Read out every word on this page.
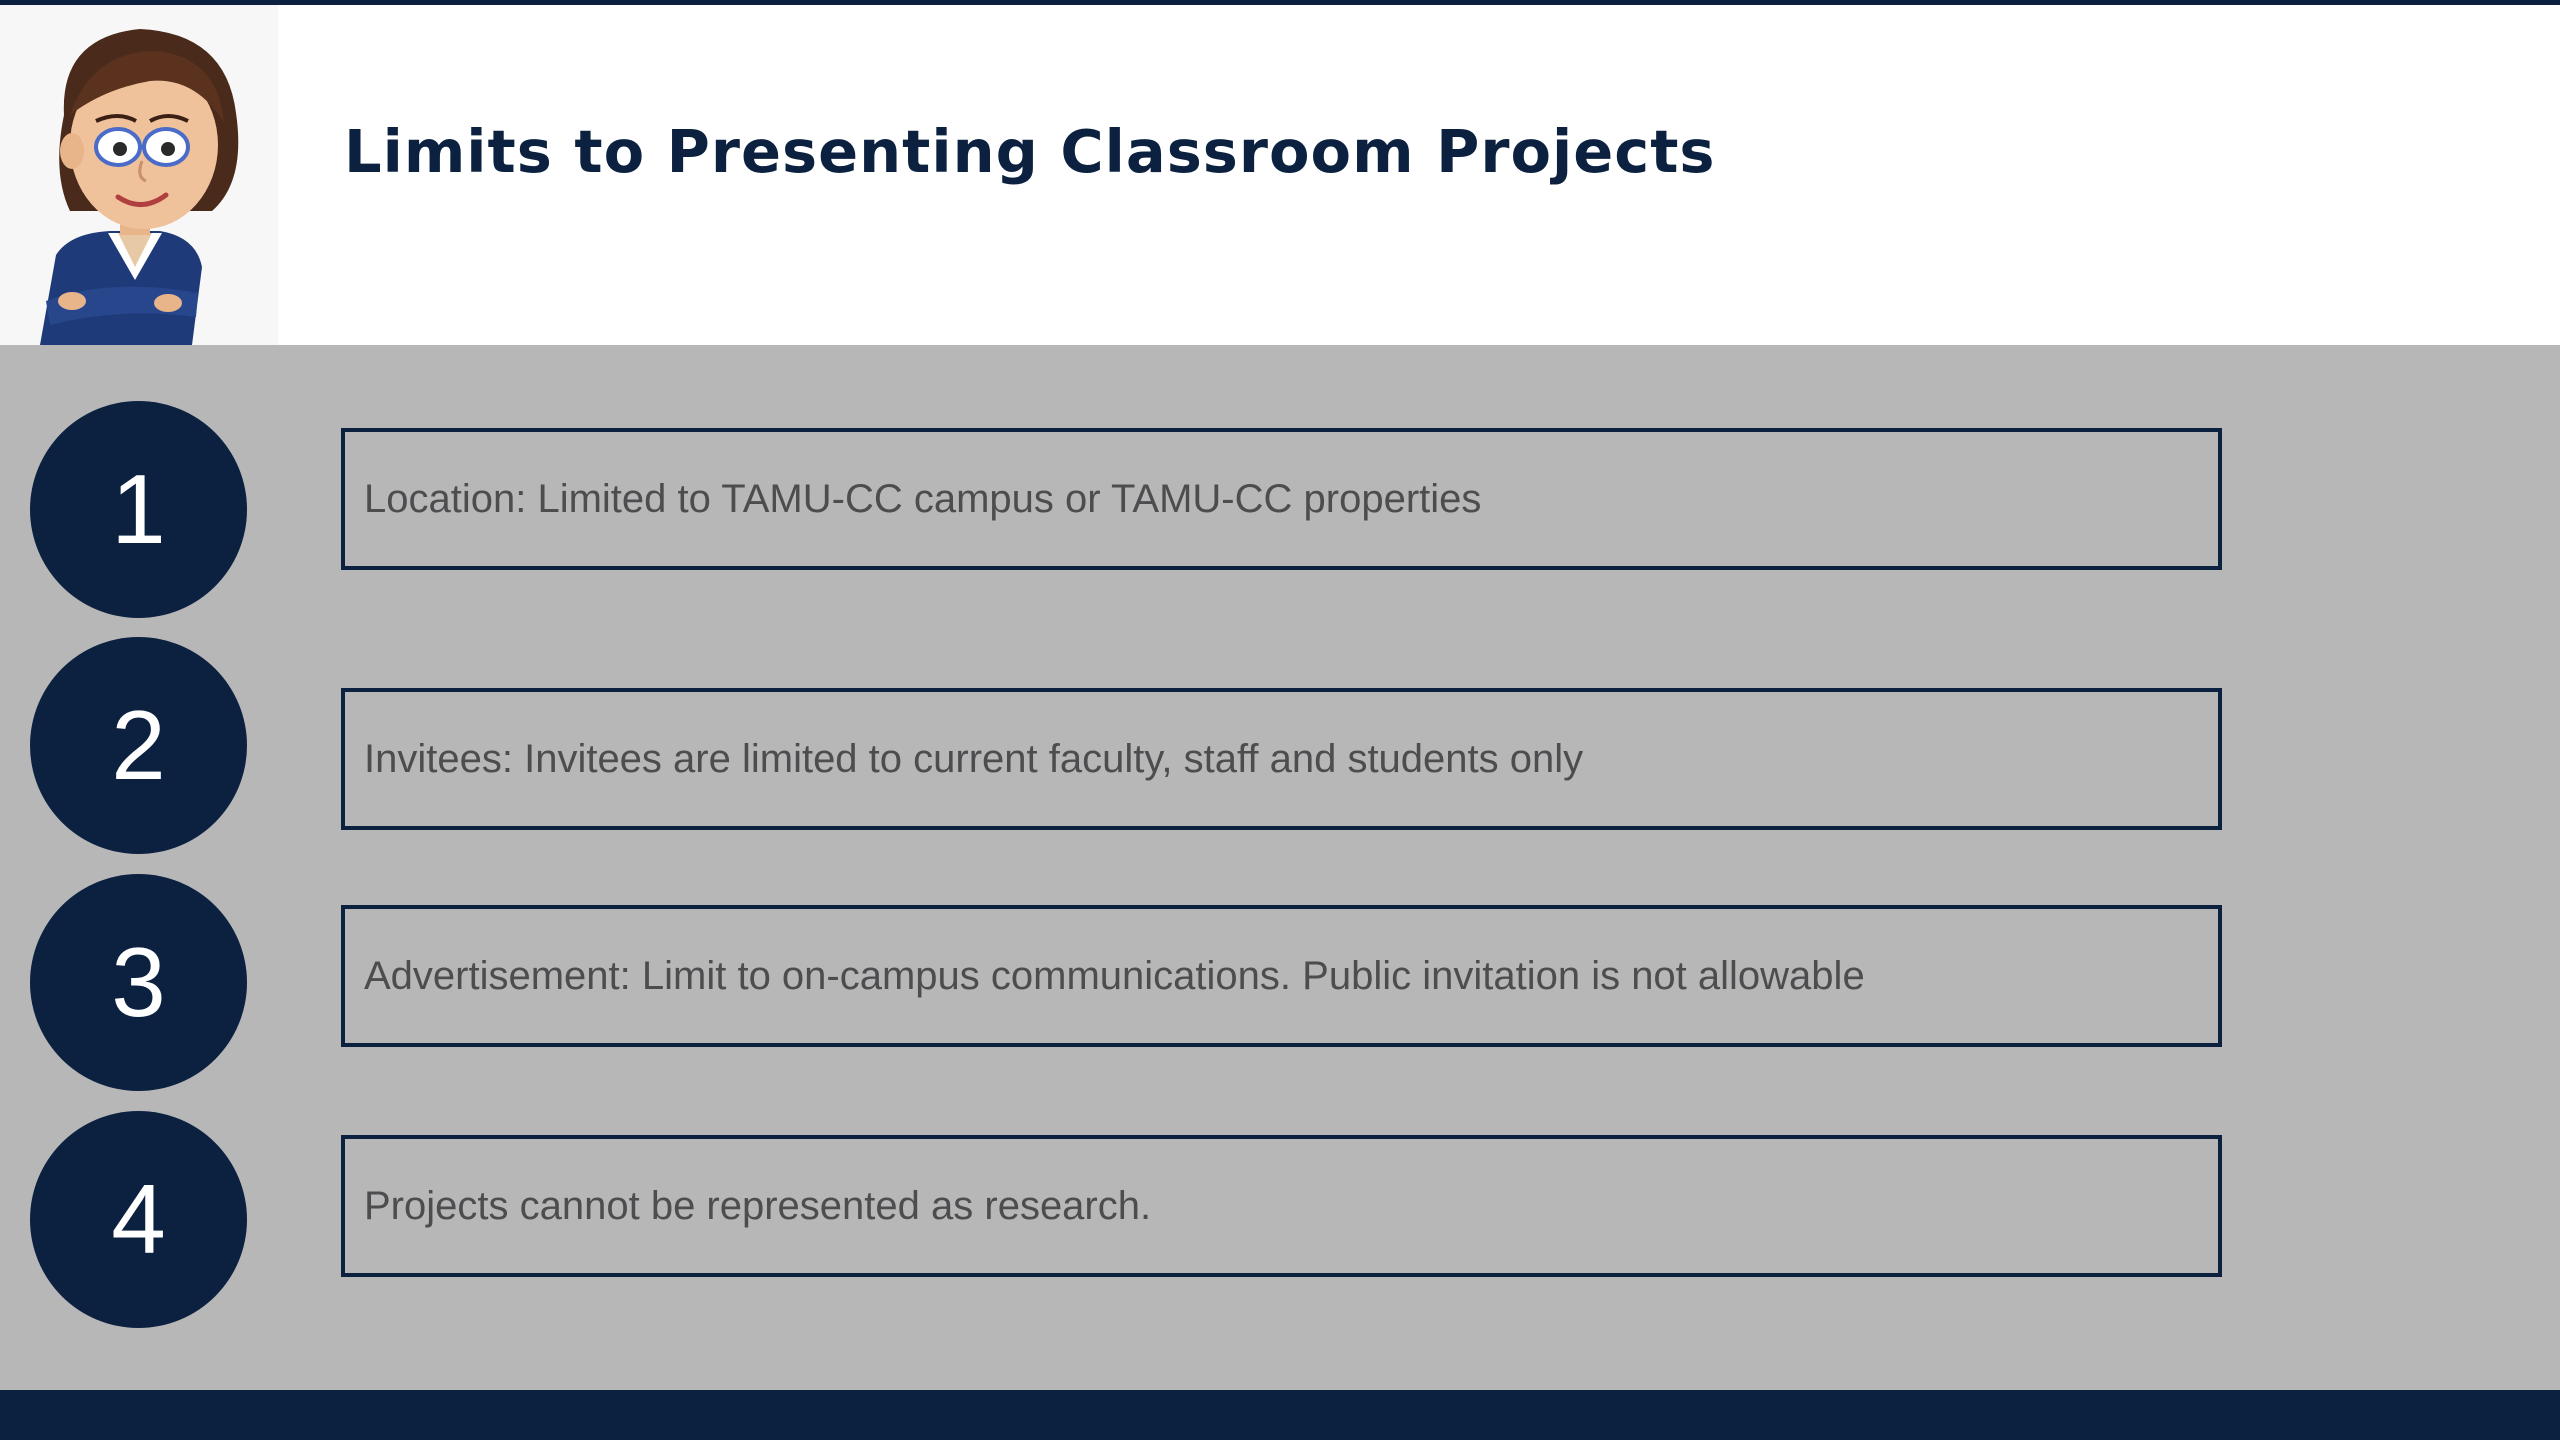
Limits to Presenting Classroom Projects
1	Location: Limited to TAMU-CC campus or TAMU-CC properties
2	Invitees: Invitees are limited to current faculty, staff and students only
3	Advertisement: Limit to on-campus communications. Public invitation is not allowable
4	Projects cannot be represented as research.
